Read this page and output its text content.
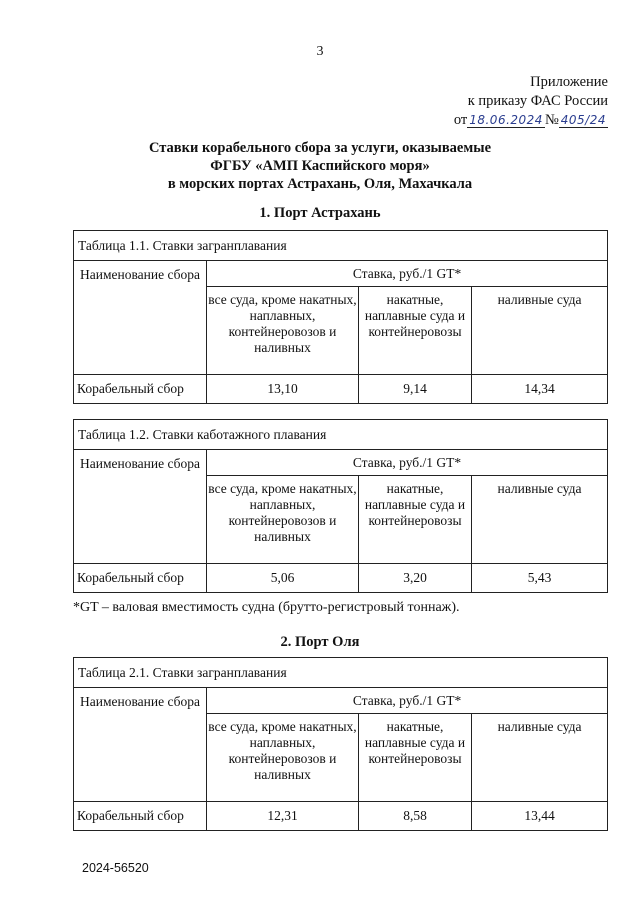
3
Приложение
к приказу ФАС России
от 18.06.2024 № 405/24
Ставки корабельного сбора за услуги, оказываемые
ФГБУ «АМП Каспийского моря»
в морских портах Астрахань, Оля, Махачкала
1. Порт Астрахань
Таблица 1.1. Ставки загранплавания			
Наименование сбора	Ставка, руб./1 GT*		
	все суда, кроме накатных, наплавных, контейнеровозов и наливных	накатные, наплавные суда и контейнеровозы	наливные суда
Корабельный сбор	13,10	9,14	14,34
Таблица 1.2. Ставки каботажного плавания			
Наименование сбора	Ставка, руб./1 GT*		
	все суда, кроме накатных, наплавных, контейнеровозов и наливных	накатные, наплавные суда и контейнеровозы	наливные суда
Корабельный сбор	5,06	3,20	5,43
*GT – валовая вместимость судна (брутто-регистровый тоннаж).
2. Порт Оля
Таблица 2.1. Ставки загранплавания			
Наименование сбора	Ставка, руб./1 GT*		
	все суда, кроме накатных, наплавных, контейнеровозов и наливных	накатные, наплавные суда и контейнеровозы	наливные суда
Корабельный сбор	12,31	8,58	13,44
2024-56520
